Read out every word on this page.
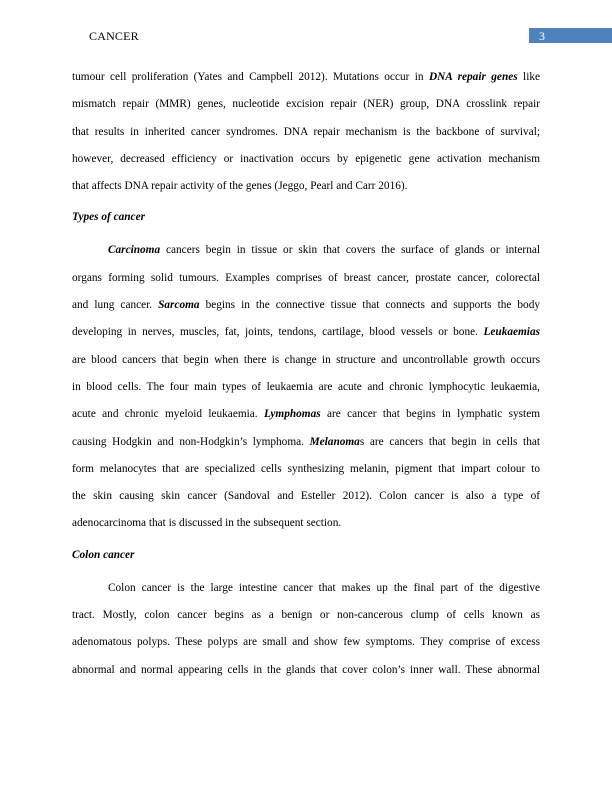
CANCER	3
tumour cell proliferation (Yates and Campbell 2012). Mutations occur in DNA repair genes like
mismatch repair (MMR) genes, nucleotide excision repair (NER) group, DNA crosslink repair
that results in inherited cancer syndromes. DNA repair mechanism is the backbone of survival;
however, decreased efficiency or inactivation occurs by epigenetic gene activation mechanism
that affects DNA repair activity of the genes (Jeggo, Pearl and Carr 2016).
Types of cancer
Carcinoma cancers begin in tissue or skin that covers the surface of glands or internal
organs forming solid tumours. Examples comprises of breast cancer, prostate cancer, colorectal
and lung cancer. Sarcoma begins in the connective tissue that connects and supports the body
developing in nerves, muscles, fat, joints, tendons, cartilage, blood vessels or bone. Leukaemias
are blood cancers that begin when there is change in structure and uncontrollable growth occurs
in blood cells. The four main types of leukaemia are acute and chronic lymphocytic leukaemia,
acute and chronic myeloid leukaemia. Lymphomas are cancer that begins in lymphatic system
causing Hodgkin and non-Hodgkin’s lymphoma. Melanomas are cancers that begin in cells that
form melanocytes that are specialized cells synthesizing melanin, pigment that impart colour to
the skin causing skin cancer (Sandoval and Esteller 2012). Colon cancer is also a type of
adenocarcinoma that is discussed in the subsequent section.
Colon cancer
Colon cancer is the large intestine cancer that makes up the final part of the digestive
tract. Mostly, colon cancer begins as a benign or non-cancerous clump of cells known as
adenomatous polyps. These polyps are small and show few symptoms. They comprise of excess
abnormal and normal appearing cells in the glands that cover colon’s inner wall. These abnormal
